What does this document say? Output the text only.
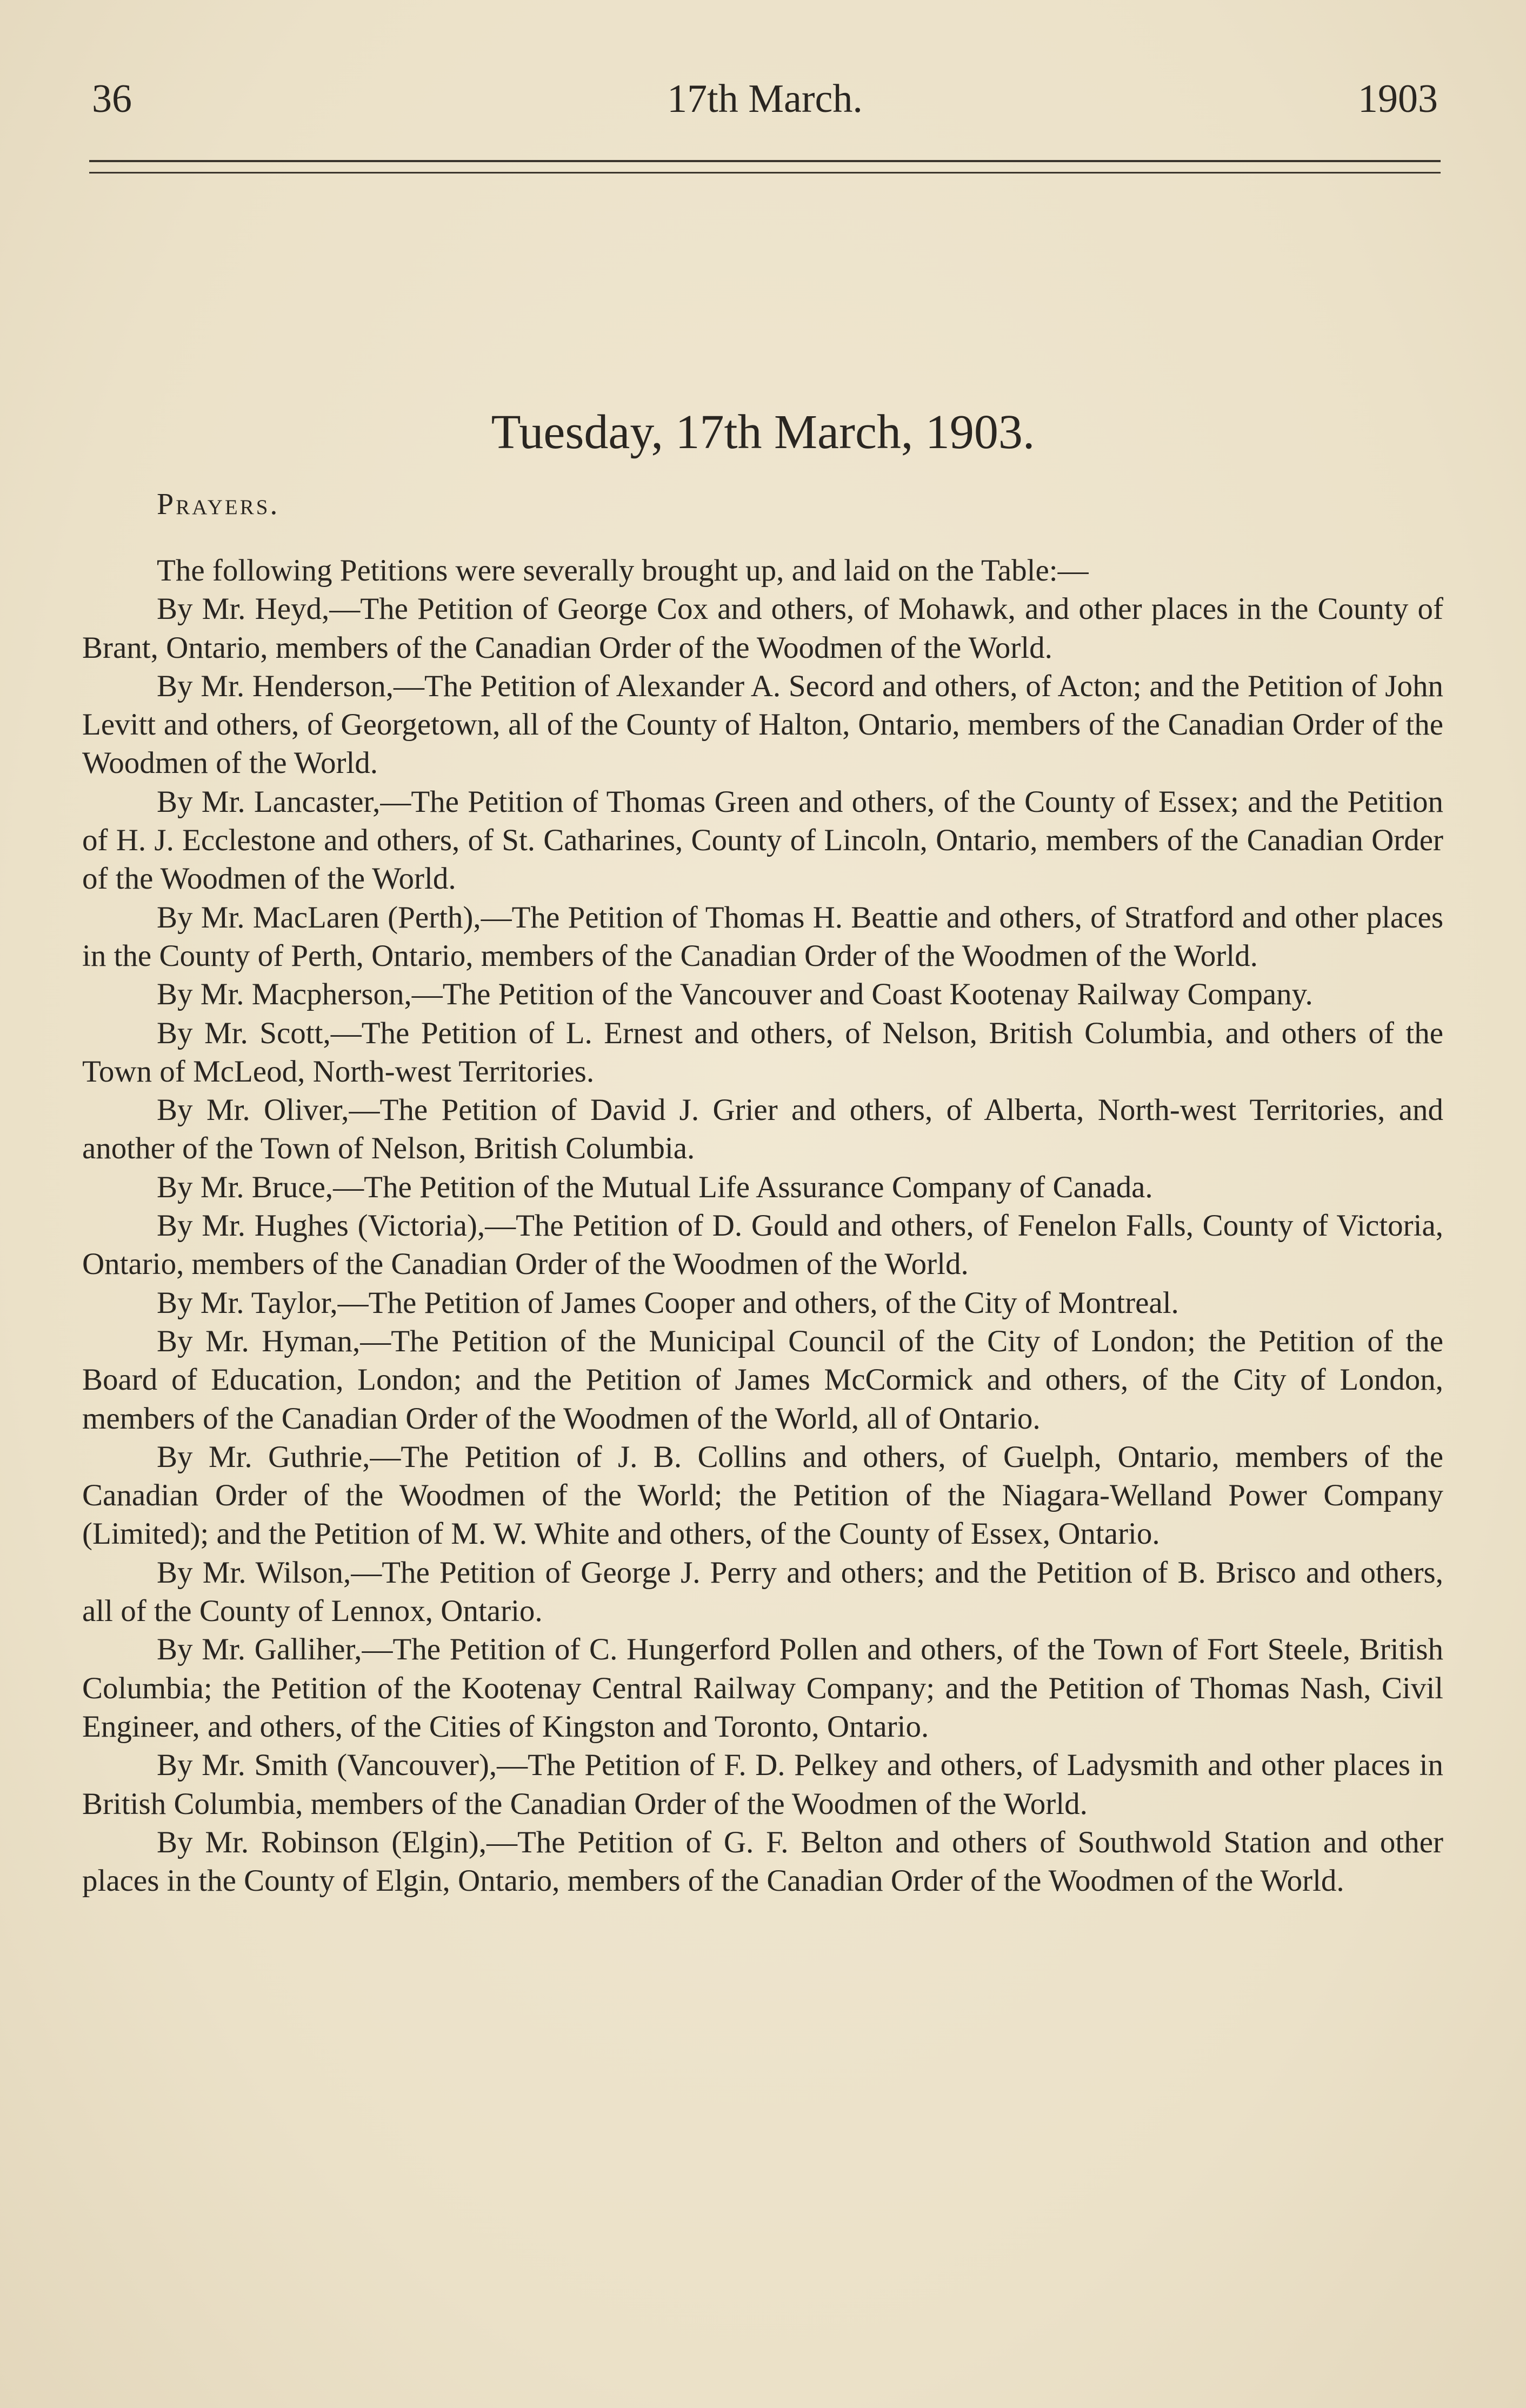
36	17th March.	1903
Tuesday, 17th March, 1903.
Prayers.

The following Petitions were severally brought up, and laid on the Table:—

By Mr. Heyd,—The Petition of George Cox and others, of Mohawk, and other places in the County of Brant, Ontario, members of the Canadian Order of the Woodmen of the World.

By Mr. Henderson,—The Petition of Alexander A. Secord and others, of Acton; and the Petition of John Levitt and others, of Georgetown, all of the County of Halton, Ontario, members of the Canadian Order of the Woodmen of the World.

By Mr. Lancaster,—The Petition of Thomas Green and others, of the County of Essex; and the Petition of H. J. Ecclestone and others, of St. Catharines, County of Lincoln, Ontario, members of the Canadian Order of the Woodmen of the World.

By Mr. MacLaren (Perth),—The Petition of Thomas H. Beattie and others, of Stratford and other places in the County of Perth, Ontario, members of the Canadian Order of the Woodmen of the World.

By Mr. Macpherson,—The Petition of the Vancouver and Coast Kootenay Railway Company.

By Mr. Scott,—The Petition of L. Ernest and others, of Nelson, British Columbia, and others of the Town of McLeod, North-west Territories.

By Mr. Oliver,—The Petition of David J. Grier and others, of Alberta, North-west Territories, and another of the Town of Nelson, British Columbia.

By Mr. Bruce,—The Petition of the Mutual Life Assurance Company of Canada.

By Mr. Hughes (Victoria),—The Petition of D. Gould and others, of Fenelon Falls, County of Victoria, Ontario, members of the Canadian Order of the Woodmen of the World.

By Mr. Taylor,—The Petition of James Cooper and others, of the City of Montreal.

By Mr. Hyman,—The Petition of the Municipal Council of the City of London; the Petition of the Board of Education, London; and the Petition of James McCormick and others, of the City of London, members of the Canadian Order of the Woodmen of the World, all of Ontario.

By Mr. Guthrie,—The Petition of J. B. Collins and others, of Guelph, Ontario, members of the Canadian Order of the Woodmen of the World; the Petition of the Niagara-Welland Power Company (Limited); and the Petition of M. W. White and others, of the County of Essex, Ontario.

By Mr. Wilson,—The Petition of George J. Perry and others; and the Petition of B. Brisco and others, all of the County of Lennox, Ontario.

By Mr. Galliher,—The Petition of C. Hungerford Pollen and others, of the Town of Fort Steele, British Columbia; the Petition of the Kootenay Central Railway Company; and the Petition of Thomas Nash, Civil Engineer, and others, of the Cities of Kingston and Toronto, Ontario.

By Mr. Smith (Vancouver),—The Petition of F. D. Pelkey and others, of Ladysmith and other places in British Columbia, members of the Canadian Order of the Woodmen of the World.

By Mr. Robinson (Elgin),—The Petition of G. F. Belton and others of Southwold Station and other places in the County of Elgin, Ontario, members of the Canadian Order of the Woodmen of the World.
